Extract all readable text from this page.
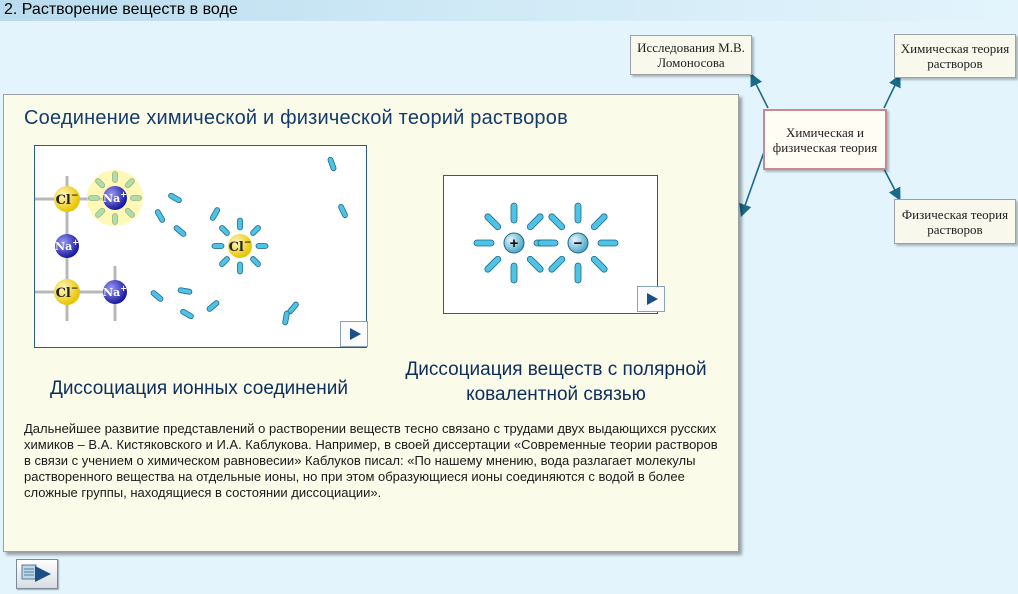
2. Растворение веществ в воде
Исследования М.В. Ломоносова
Химическая и физическая теория
Химическая теория растворов
Физическая теория растворов
Соединение химической и физической теорий растворов
Cl− Na+
Na+
Cl− Na+
Cl−	+	−
Диссоциация ионных соединений
Диссоциация веществ с полярной ковалентной связью
Дальнейшее развитие представлений о растворении веществ тесно связано с трудами двух выдающихся русских химиков – В.А. Кистяковского и И.А. Каблукова. Например, в своей диссертации «Современные теории растворов в связи с учением о химическом равновесии» Каблуков писал: «По нашему мнению, вода разлагает молекулы растворенного вещества на отдельные ионы, но при этом образующиеся ионы соединяются с водой в более сложные группы, находящиеся в состоянии диссоциации».
